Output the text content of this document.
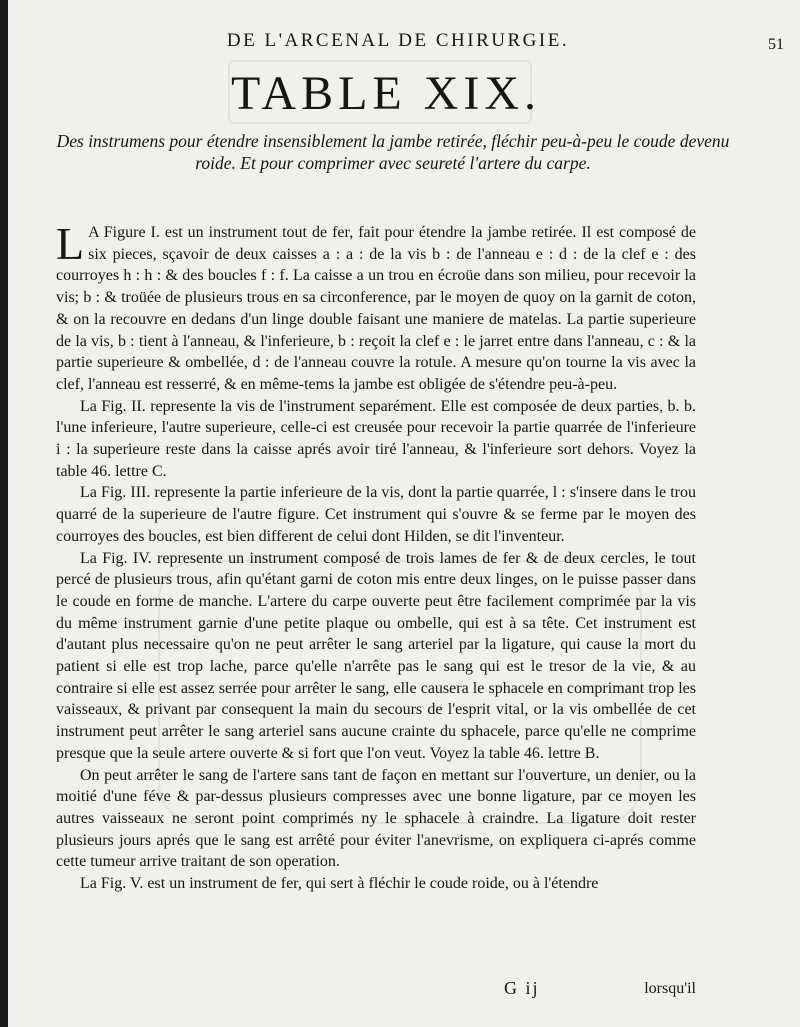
DE L'ARCENAL DE CHIRURGIE.	51
TABLE XIX.
Des instrumens pour étendre insensiblement la jambe retirée, fléchir peu-à-peu le coude devenu roide. Et pour comprimer avec seureté l'artere du carpe.

L A Figure I. est un instrument tout de fer, fait pour étendre la jambe retirée. Il est composé de six pieces, sçavoir de deux caisses a : a : de la vis b : de l'anneau e : d : de la clef e : des courroyes h : h : & des boucles f : f. La caisse a un trou en écroüe dans son milieu, pour recevoir la vis; b : & troüée de plusieurs trous en sa circonference, par le moyen de quoy on la garnit de coton, & on la recouvre en dedans d'un linge double faisant une maniere de matelas. La partie superieure de la vis, b : tient à l'anneau, & l'inferieure, b : reçoit la clef e : le jarret entre dans l'anneau, c : & la partie superieure & ombellée, d : de l'anneau couvre la rotule. A mesure qu'on tourne la vis avec la clef, l'anneau est resserré, & en même-tems la jambe est obligée de s'étendre peu-à-peu.

La Fig. II. represente la vis de l'instrument separément. Elle est composée de deux parties, b. b. l'une inferieure, l'autre superieure, celle-ci est creusée pour recevoir la partie quarrée de l'inferieure i : la superieure reste dans la caisse aprés avoir tiré l'anneau, & l'inferieure sort dehors. Voyez la table 46. lettre C.

La Fig. III. represente la partie inferieure de la vis, dont la partie quarrée, l : s'insere dans le trou quarré de la superieure de l'autre figure. Cet instrument qui s'ouvre & se ferme par le moyen des courroyes des boucles, est bien different de celui dont Hilden, se dit l'inventeur.

La Fig. IV. represente un instrument composé de trois lames de fer & de deux cercles, le tout percé de plusieurs trous, afin qu'étant garni de coton mis entre deux linges, on le puisse passer dans le coude en forme de manche. L'artere du carpe ouverte peut être facilement comprimée par la vis du même instrument garnie d'une petite plaque ou ombelle, qui est à sa tête. Cet instrument est d'autant plus necessaire qu'on ne peut arrêter le sang arteriel par la ligature, qui cause la mort du patient si elle est trop lache, parce qu'elle n'arrête pas le sang qui est le tresor de la vie, & au contraire si elle est assez serrée pour arrêter le sang, elle causera le sphacele en comprimant trop les vaisseaux, & privant par consequent la main du secours de l'esprit vital, or la vis ombellée de cet instrument peut arrêter le sang arteriel sans aucune crainte du sphacele, parce qu'elle ne comprime presque que la seule artere ouverte & si fort que l'on veut. Voyez la table 46. lettre B.

On peut arrêter le sang de l'artere sans tant de façon en mettant sur l'ouverture, un denier, ou la moitié d'une féve & par-dessus plusieurs compresses avec une bonne ligature, par ce moyen les autres vaisseaux ne seront point comprimés ny le sphacele à craindre. La ligature doit rester plusieurs jours aprés que le sang est arrêté pour éviter l'anevrisme, on expliquera ci-aprés comme cette tumeur arrive traitant de son operation.

La Fig. V. est un instrument de fer, qui sert à fléchir le coude roide, ou à l'étendre

G ij	lorsqu'il
